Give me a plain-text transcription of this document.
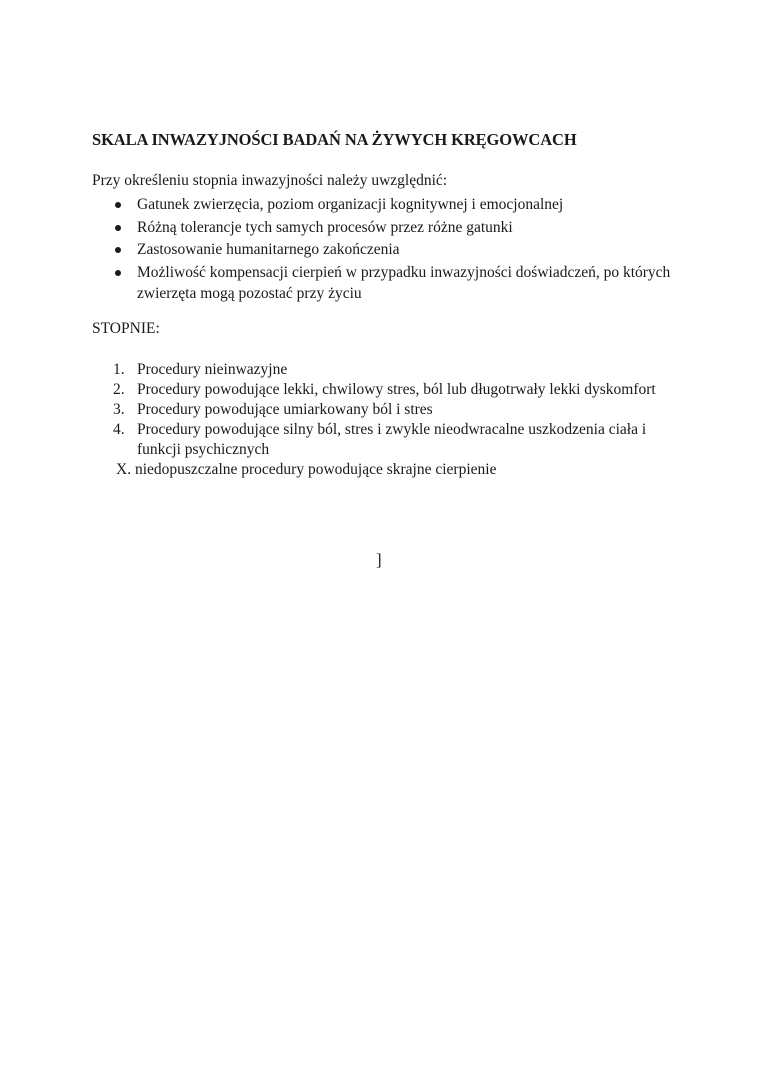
SKALA INWAZYJNOŚCI BADAŃ NA ŻYWYCH KRĘGOWCACH
Przy określeniu stopnia inwazyjności należy uwzględnić:
Gatunek zwierzęcia, poziom organizacji kognitywnej i emocjonalnej
Różną tolerancje tych samych procesów przez różne gatunki
Zastosowanie humanitarnego zakończenia
Możliwość kompensacji cierpień w przypadku inwazyjności doświadczeń, po których zwierzęta mogą pozostać przy życiu
STOPNIE:
1. Procedury nieinwazyjne
2. Procedury powodujące lekki, chwilowy stres, ból lub długotrwały lekki dyskomfort
3. Procedury powodujące umiarkowany ból i stres
4. Procedury powodujące silny ból, stres i zwykle nieodwracalne uszkodzenia ciała i funkcji psychicznych
X. niedopuszczalne procedury powodujące skrajne cierpienie
]
